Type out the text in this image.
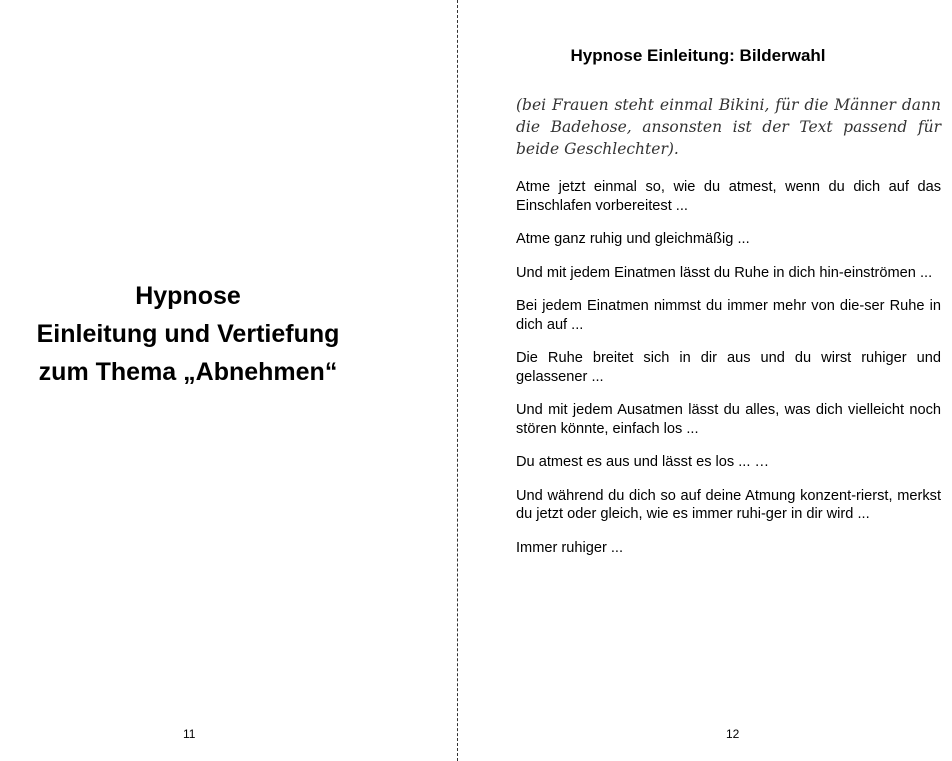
Hypnose
Einleitung und Vertiefung
zum Thema „Abnehmen“
11
Hypnose Einleitung: Bilderwahl

(bei Frauen steht einmal Bikini, für die Männer dann die Badehose, ansonsten ist der Text passend für beide Geschlechter).

Atme jetzt einmal so, wie du atmest, wenn du dich auf das Einschlafen vorbereitest ...

Atme ganz ruhig und gleichmäßig ...

Und mit jedem Einatmen lässt du Ruhe in dich hin-einströmen ...

Bei jedem Einatmen nimmst du immer mehr von die-ser Ruhe in dich auf ...

Die Ruhe breitet sich in dir aus und du wirst ruhiger und gelassener ...

Und mit jedem Ausatmen lässt du alles, was dich vielleicht noch stören könnte, einfach los ...

Du atmest es aus und lässt es los ... …

Und während du dich so auf deine Atmung konzent-rierst, merkst du jetzt oder gleich, wie es immer ruhi-ger in dir wird ...

Immer ruhiger ...

12
